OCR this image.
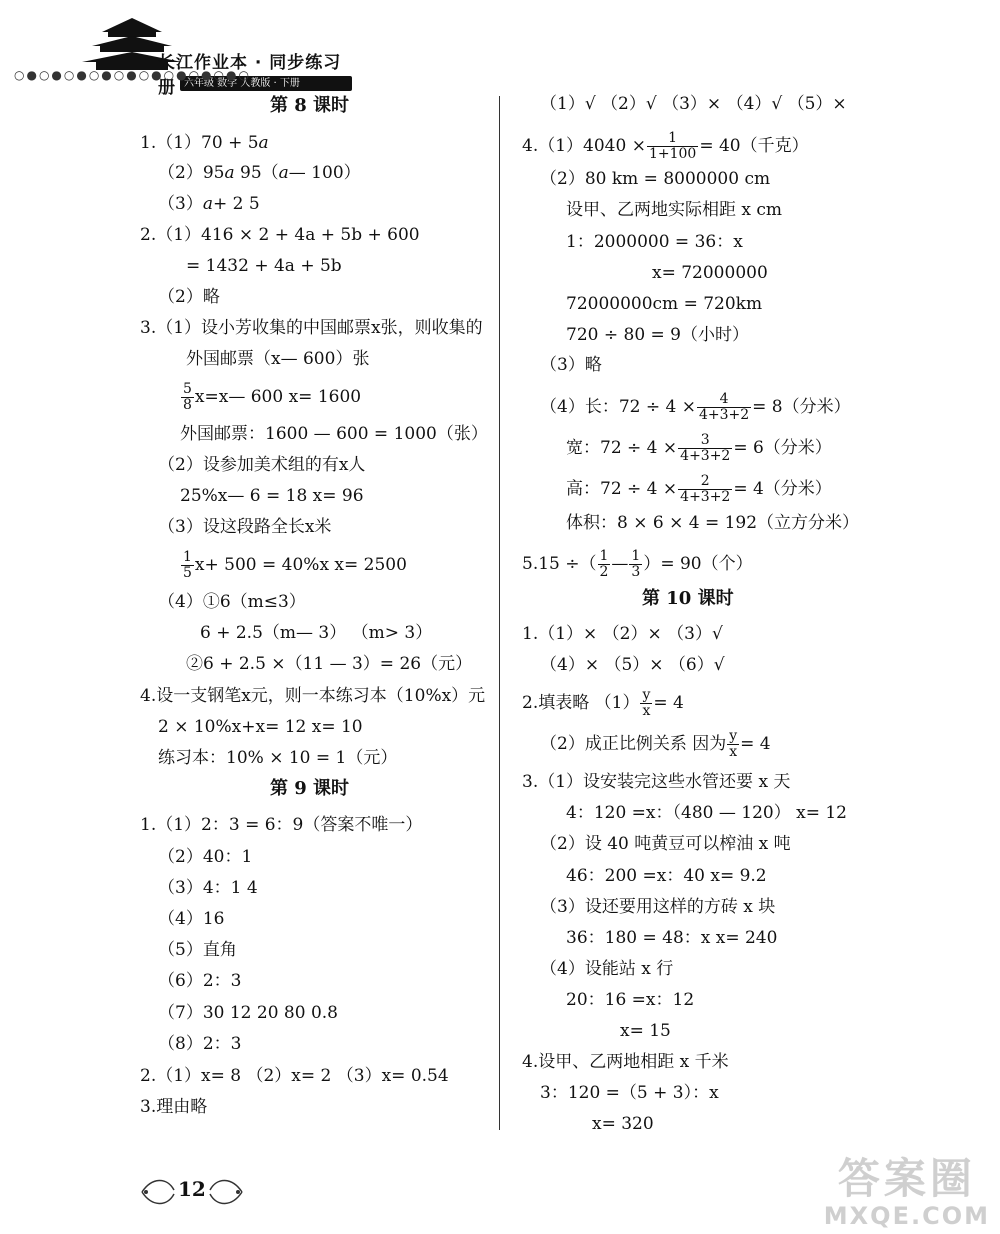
长江作业本 · 同步练习册 六年级 数学 人教版 · 下册
○●○●○●○●○●○●○●○●○●○
第 8 课时
1.（1）70 + 5a
（2）95a 95（a— 100）
（3）a+ 2 5
2.（1）416 × 2 + 4a + 5b + 600
= 1432 + 4a + 5b
（2）略
3.（1）设小芳收集的中国邮票x张，则收集的
外国邮票（x— 600）张
$\frac{5}{8}$ x=x— 600 x= 1600
外国邮票：1600 — 600 = 1000（张）
（2）设参加美术组的有x人
25%x— 6 = 18 x= 96
（3）设这段路全长x米
$\frac{1}{5} x+ 500 = 40\%x$ x= 2500
（4）①6（m≤3）
6 + 2.5（m— 3） （m> 3）
②6 + 2.5 ×（11 — 3）= 26（元）
4.设一支钢笔x元，则一本练习本（10%x）元
2 × 10%x+x= 12 x= 10
练习本：10% × 10 = 1（元）
第 9 课时
1.（1）2：3 = 6：9（答案不唯一）
（2）40：1
（3）4：1 4
（4）16
（5）直角
（6）2：3
（7）30 12 20 80 0.8
（8）2：3
2.（1）x= 8 （2）x= 2 （3）x= 0.54
3.理由略
（1）√ （2）√ （3）× （4）√ （5）×
$4.(1)4040 \times \frac{1}{1+100} = 40$（千克）
（2）80 km = 8000000 cm
设甲、乙两地实际相距 x cm
1：2000000 = 36：x
x= 72000000
72000000cm = 720km
720 ÷ 80 = 9（小时）
（3）略
（4）长：$72 \div 4 \times \frac{4}{4+3+2} = 8$（分米）
宽：$72 \div 4 \times \frac{3}{4+3+2} = 6$（分米）
高：$72 \div 4 \times \frac{2}{4+3+2} = 4$（分米）
体积：8 × 6 × 4 = 192（立方分米）
5.15 ÷（ $\frac{1}{2}$ — $\frac{1}{3}$ ）= 90（个）
第 10 课时
1.（1）× （2）× （3）√
（4）× （5）× （6）√
2.填表略 $(1) \frac{y}{x} = 4$
（2）成正比例关系 因为 $\frac{y}{x} = 4$
3.（1）设安装完这些水管还要 x 天
4：120 =x：（480 — 120） x= 12
（2）设 40 吨黄豆可以榨油 x 吨
46：200 =x：40 x= 9.2
（3）设还要用这样的方砖 x 块
36：180 = 48：x x= 240
（4）设能站 x 行
20：16 =x：12
x= 15
4.设甲、乙两地相距 x 千米
3：120 =（5 + 3）：x
x= 320
12	答案圈
MXQE.COM
